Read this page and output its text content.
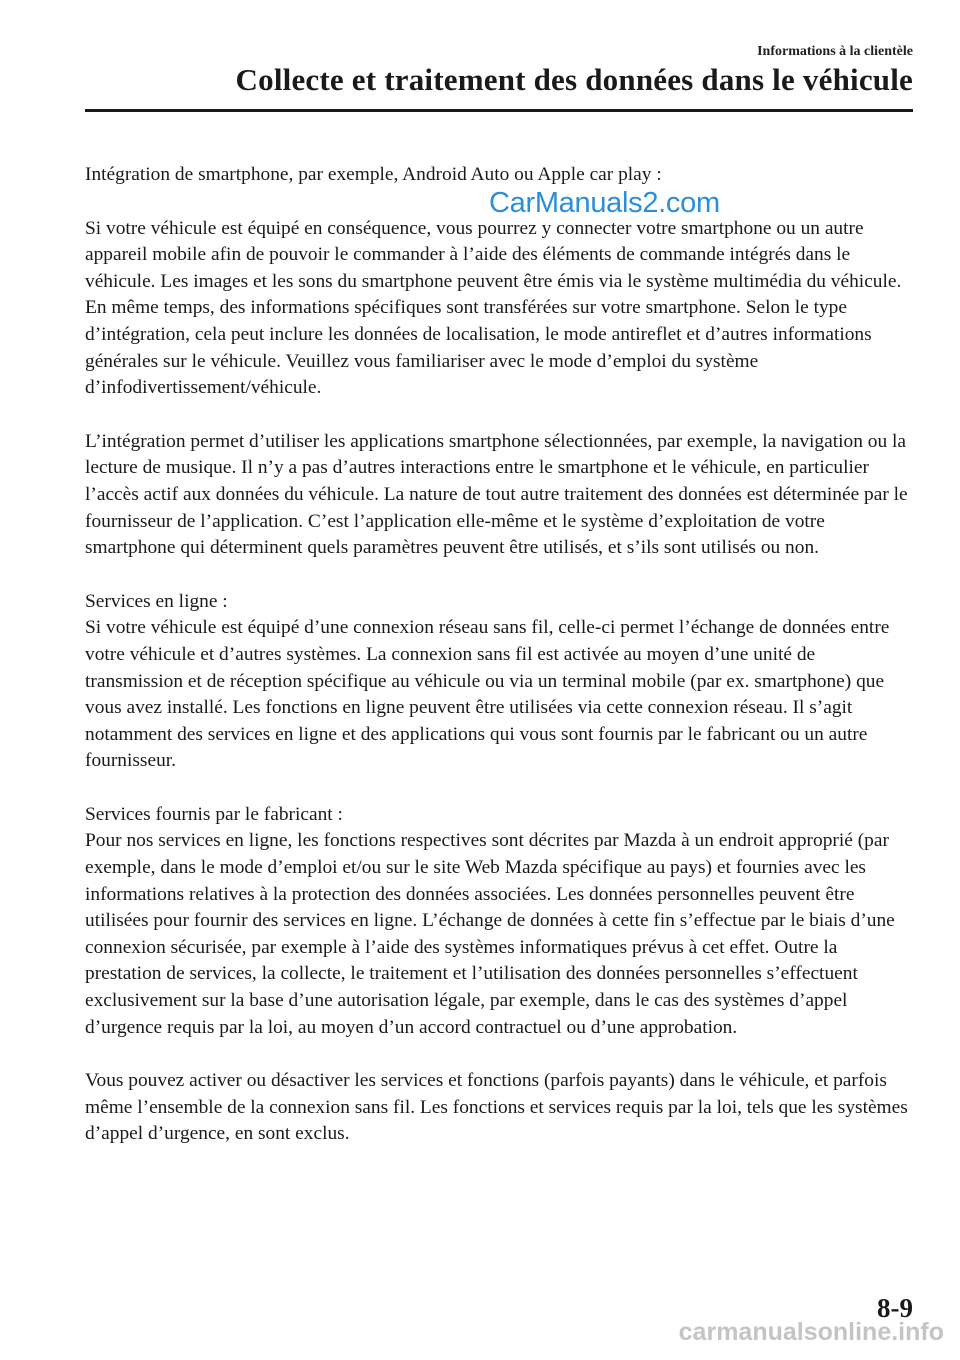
Informations à la clientèle
Collecte et traitement des données dans le véhicule

Intégration de smartphone, par exemple, Android Auto ou Apple car play :

Si votre véhicule est équipé en conséquence, vous pourrez y connecter votre smartphone ou un autre appareil mobile afin de pouvoir le commander à l’aide des éléments de commande intégrés dans le véhicule. Les images et les sons du smartphone peuvent être émis via le système multimédia du véhicule. En même temps, des informations spécifiques sont transférées sur votre smartphone. Selon le type d’intégration, cela peut inclure les données de localisation, le mode antireflet et d’autres informations générales sur le véhicule. Veuillez vous familiariser avec le mode d’emploi du système d’infodivertissement/véhicule.

L’intégration permet d’utiliser les applications smartphone sélectionnées, par exemple, la navigation ou la lecture de musique. Il n’y a pas d’autres interactions entre le smartphone et le véhicule, en particulier l’accès actif aux données du véhicule. La nature de tout autre traitement des données est déterminée par le fournisseur de l’application. C’est l’application elle-même et le système d’exploitation de votre smartphone qui déterminent quels paramètres peuvent être utilisés, et s’ils sont utilisés ou non.

Services en ligne :

Si votre véhicule est équipé d’une connexion réseau sans fil, celle-ci permet l’échange de données entre votre véhicule et d’autres systèmes. La connexion sans fil est activée au moyen d’une unité de transmission et de réception spécifique au véhicule ou via un terminal mobile (par ex. smartphone) que vous avez installé. Les fonctions en ligne peuvent être utilisées via cette connexion réseau. Il s’agit notamment des services en ligne et des applications qui vous sont fournis par le fabricant ou un autre fournisseur.

Services fournis par le fabricant :

Pour nos services en ligne, les fonctions respectives sont décrites par Mazda à un endroit approprié (par exemple, dans le mode d’emploi et/ou sur le site Web Mazda spécifique au pays) et fournies avec les informations relatives à la protection des données associées. Les données personnelles peuvent être utilisées pour fournir des services en ligne. L’échange de données à cette fin s’effectue par le biais d’une connexion sécurisée, par exemple à l’aide des systèmes informatiques prévus à cet effet. Outre la prestation de services, la collecte, le traitement et l’utilisation des données personnelles s’effectuent exclusivement sur la base d’une autorisation légale, par exemple, dans le cas des systèmes d’appel d’urgence requis par la loi, au moyen d’un accord contractuel ou d’une approbation.

Vous pouvez activer ou désactiver les services et fonctions (parfois payants) dans le véhicule, et parfois même l’ensemble de la connexion sans fil. Les fonctions et services requis par la loi, tels que les systèmes d’appel d’urgence, en sont exclus.

CarManuals2.com
8-9
carmanualsonline.info
